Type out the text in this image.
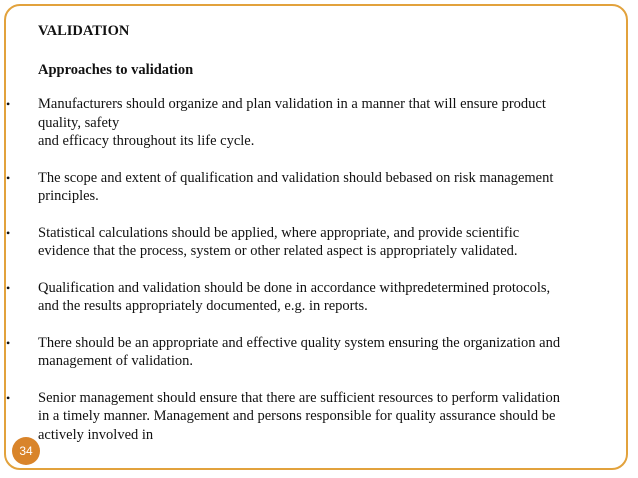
VALIDATION
Approaches to validation
• Manufacturers should organize and plan validation in a manner that will ensure product
quality, safety
and efficacy throughout its life cycle.
• The scope and extent of qualification and validation should bebased on risk management
principles.
• Statistical calculations should be applied, where appropriate, and provide scientific
evidence that the process, system or other related aspect is appropriately validated.
• Qualification and validation should be done in accordance withpredetermined protocols,
and the results appropriately documented, e.g. in reports.
• There should be an appropriate and effective quality system ensuring the organization and
management of validation.
• Senior management should ensure that there are sufficient resources to perform validation
in a timely manner. Management and persons responsible for quality assurance should be
actively involved in
34
